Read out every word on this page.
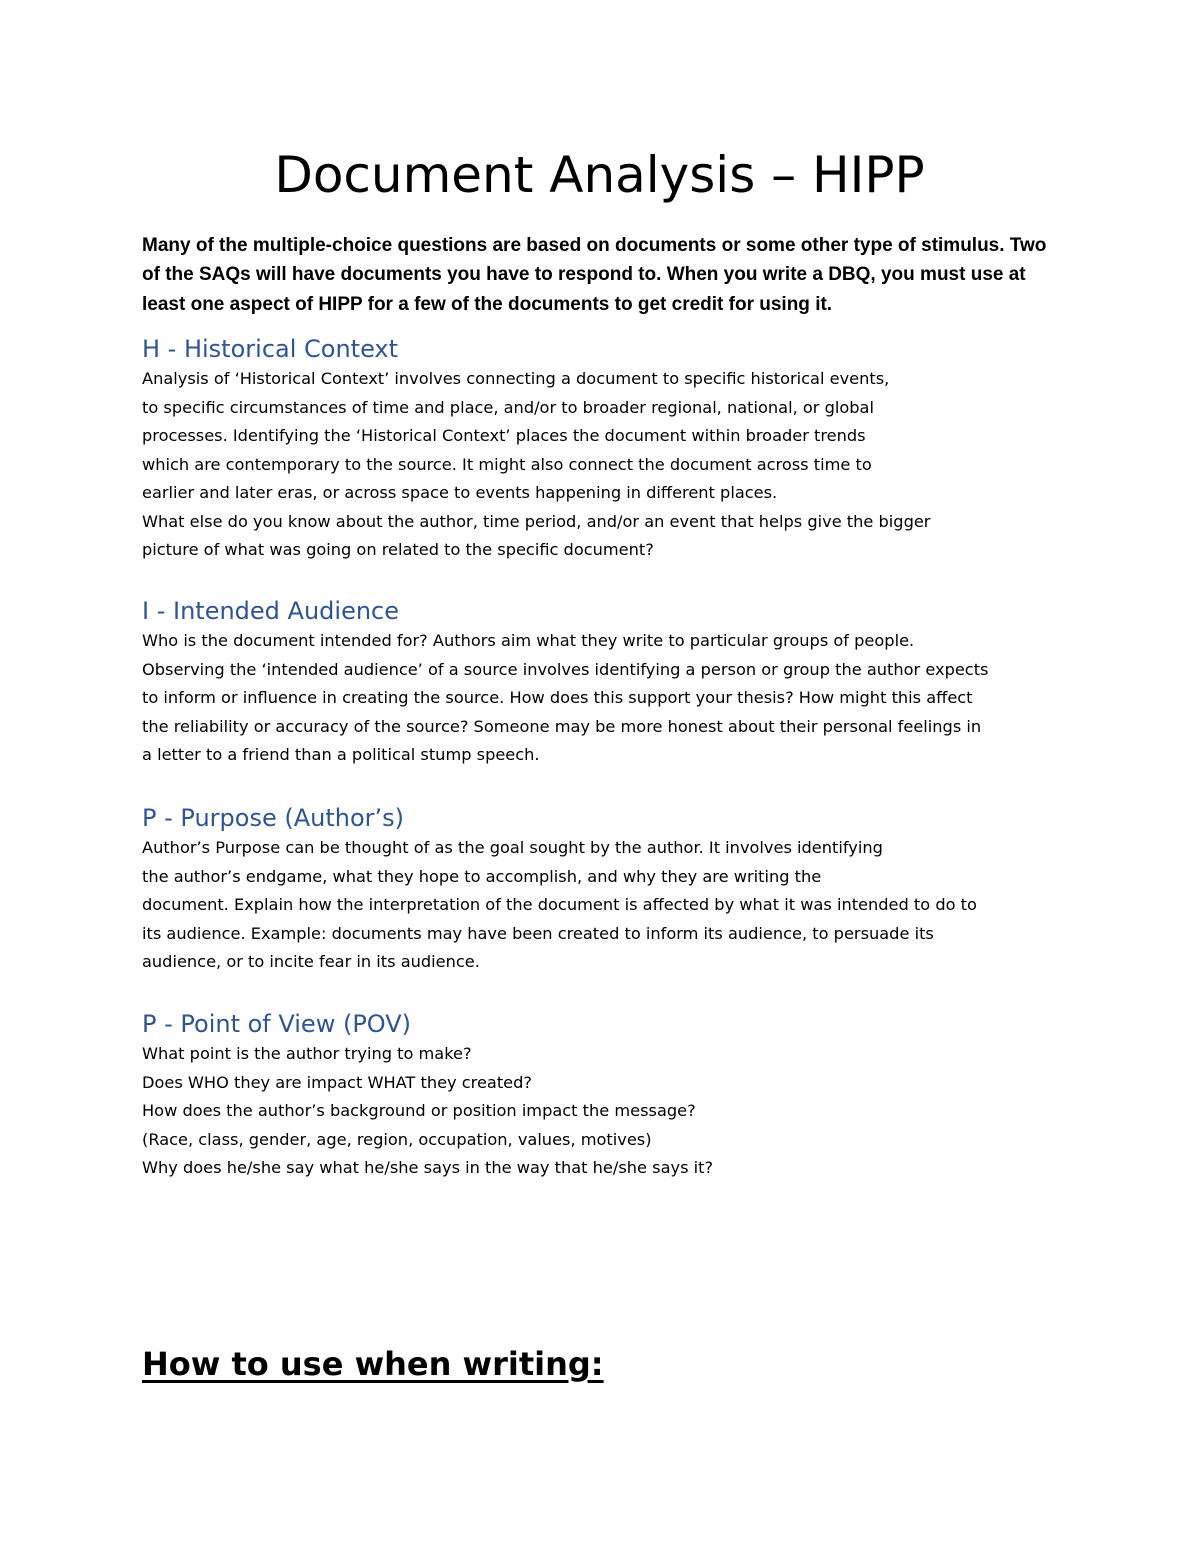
Document Analysis – HIPP

Many of the multiple-choice questions are based on documents or some other type of stimulus. Two of the SAQs will have documents you have to respond to. When you write a DBQ, you must use at least one aspect of HIPP for a few of the documents to get credit for using it.

H - Historical Context
Analysis of ‘Historical Context’ involves connecting a document to specific historical events,
to specific circumstances of time and place, and/or to broader regional, national, or global
processes. Identifying the ‘Historical Context’ places the document within broader trends
which are contemporary to the source. It might also connect the document across time to
earlier and later eras, or across space to events happening in different places.
What else do you know about the author, time period, and/or an event that helps give the bigger
picture of what was going on related to the specific document?
I - Intended Audience
Who is the document intended for? Authors aim what they write to particular groups of people.
Observing the ‘intended audience’ of a source involves identifying a person or group the author expects
to inform or influence in creating the source. How does this support your thesis? How might this affect
the reliability or accuracy of the source? Someone may be more honest about their personal feelings in
a letter to a friend than a political stump speech.
P - Purpose (Author’s)
Author’s Purpose can be thought of as the goal sought by the author. It involves identifying
the author’s endgame, what they hope to accomplish, and why they are writing the
document. Explain how the interpretation of the document is affected by what it was intended to do to
its audience. Example: documents may have been created to inform its audience, to persuade its
audience, or to incite fear in its audience.
P - Point of View (POV)
What point is the author trying to make?
Does WHO they are impact WHAT they created?
How does the author’s background or position impact the message?
(Race, class, gender, age, region, occupation, values, motives)
Why does he/she say what he/she says in the way that he/she says it?
How to use when writing:
